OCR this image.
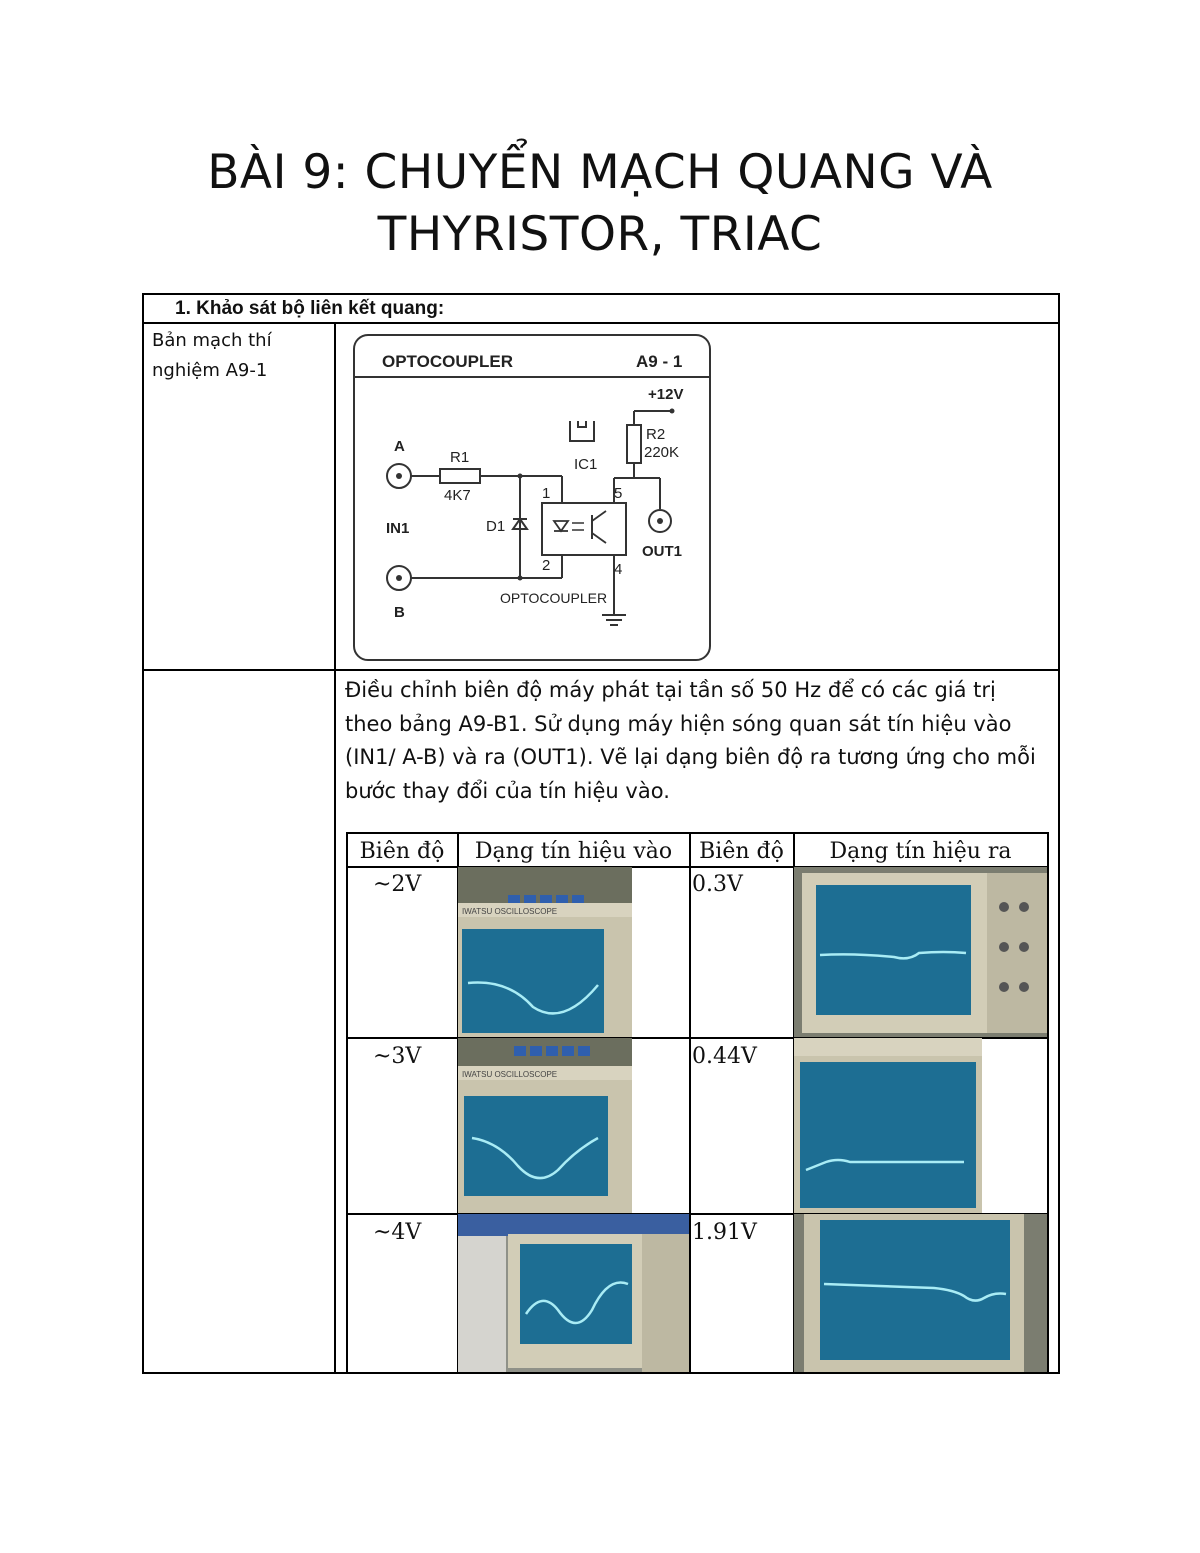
BÀI 9: CHUYỂN MẠCH QUANG VÀ
THYRISTOR, TRIAC
1. Khảo sát bộ liên kết quang:
Bản mạch thí nghiệm A9-1	OPTOCOUPLER	A9 - 1
+12V
R2
220K
OUT1
IC1
A
R1
4K7
IN1	D1
B
1
2	4
5
OPTOCOUPLER
Điều chỉnh biên độ máy phát tại tần số 50 Hz để có các giá trị theo bảng A9-B1. Sử dụng máy hiện sóng quan sát tín hiệu vào (IN1/ A-B) và ra (OUT1). Vẽ lại dạng biên độ ra tương ứng cho mỗi bước thay đổi của tín hiệu vào.
Biên độ	Dạng tín hiệu vào	Biên độ	Dạng tín hiệu ra
~2V	0.3V
~3V	0.44V
~4V	1.91V
IWATSU OSCILLOSCOPE
IWATSU OSCILLOSCOPE
